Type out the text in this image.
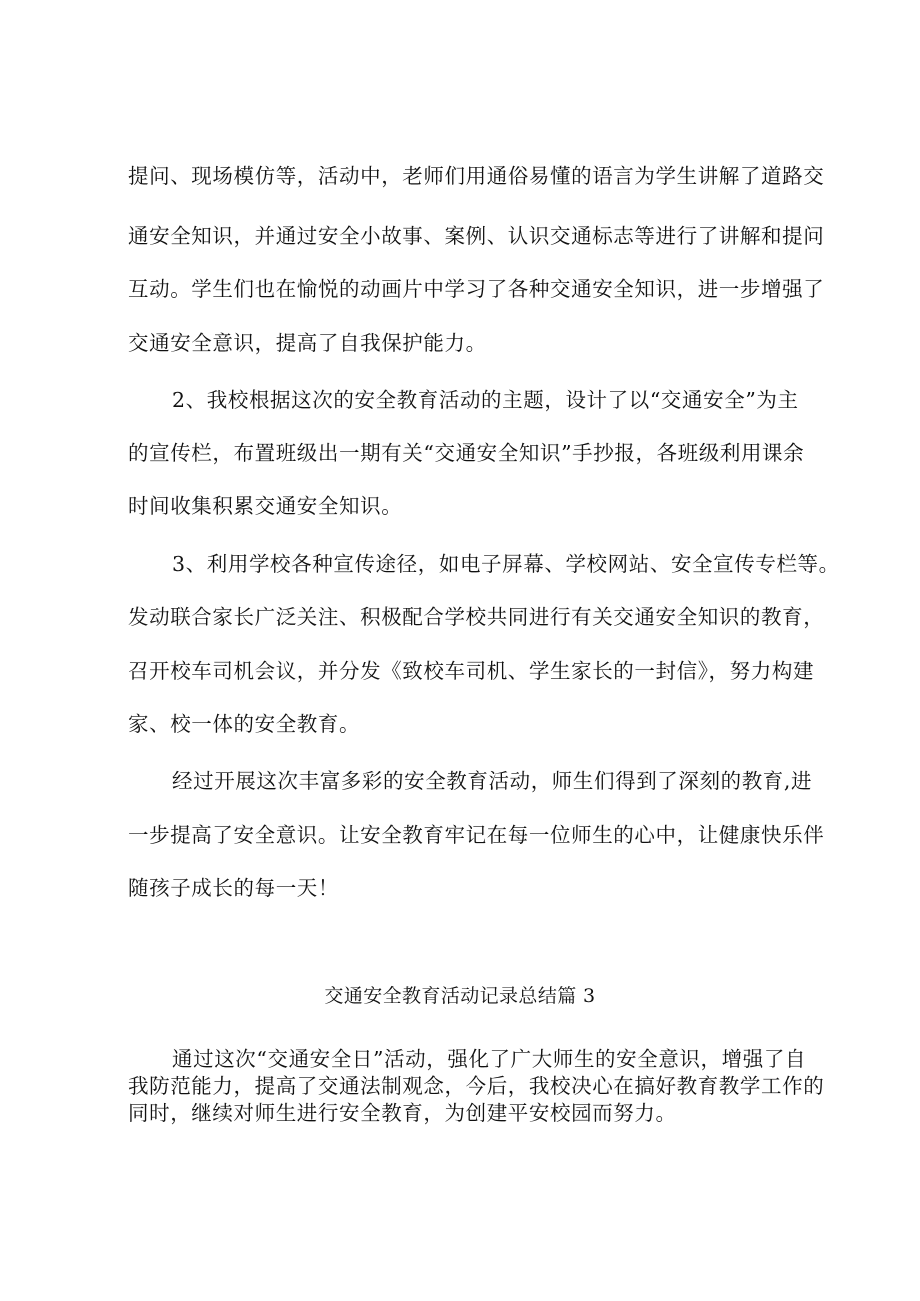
提问、现场模仿等，活动中，老师们用通俗易懂的语言为学生讲解了道路交
通安全知识，并通过安全小故事、案例、认识交通标志等进行了讲解和提问
互动。学生们也在愉悦的动画片中学习了各种交通安全知识，进一步增强了
交通安全意识，提高了自我保护能力。
2、我校根据这次的安全教育活动的主题，设计了以“交通安全”为主
的宣传栏，布置班级出一期有关“交通安全知识”手抄报，各班级利用课余
时间收集积累交通安全知识。
3、利用学校各种宣传途径，如电子屏幕、学校网站、安全宣传专栏等。
发动联合家长广泛关注、积极配合学校共同进行有关交通安全知识的教育，
召开校车司机会议，并分发《致校车司机、学生家长的一封信》，努力构建
家、校一体的安全教育。
经过开展这次丰富多彩的安全教育活动，师生们得到了深刻的教育,进
一步提高了安全意识。让安全教育牢记在每一位师生的心中，让健康快乐伴
随孩子成长的每一天！
交通安全教育活动记录总结篇 3
通过这次“交通安全日”活动，强化了广大师生的安全意识，增强了自
我防范能力，提高了交通法制观念，今后，我校决心在搞好教育教学工作的
同时，继续对师生进行安全教育，为创建平安校园而努力。
